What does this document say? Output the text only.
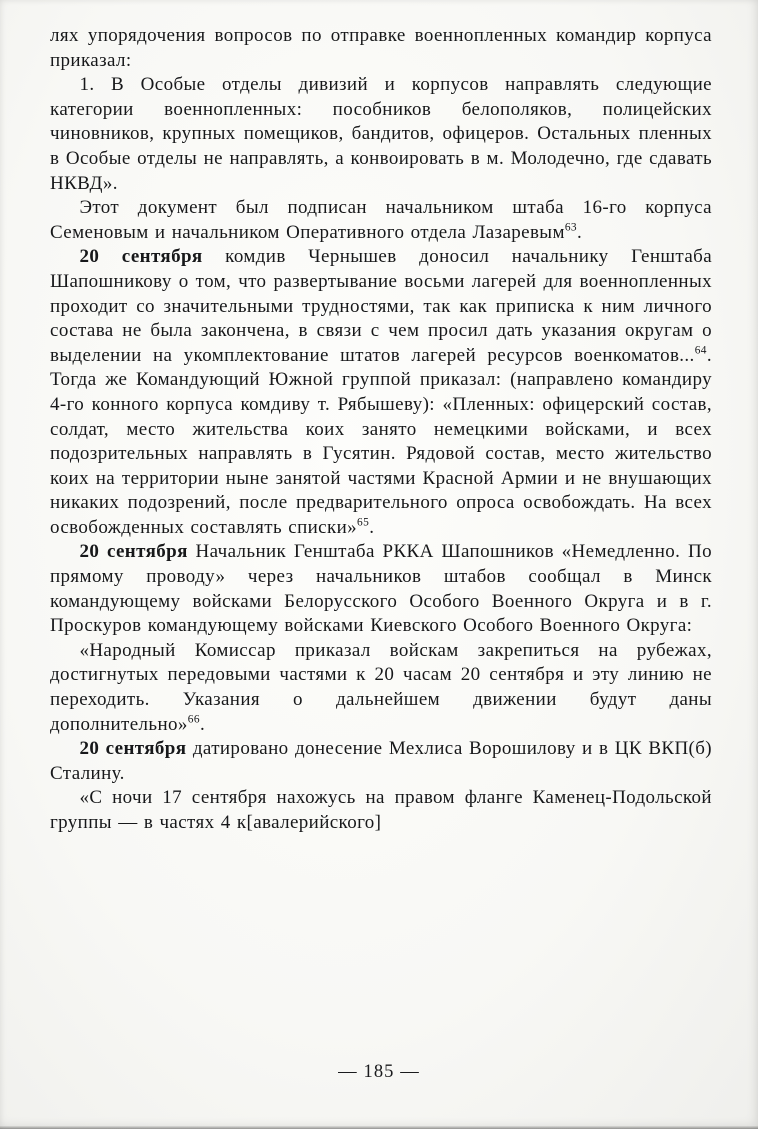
лях упорядочения вопросов по отправке военнопленных командир корпуса приказал:

1. В Особые отделы дивизий и корпусов направлять следующие категории военнопленных: пособников белополяков, полицейских чиновников, крупных помещиков, бандитов, офицеров. Остальных пленных в Особые отделы не направлять, а конвоировать в м. Молодечно, где сдавать НКВД».

Этот документ был подписан начальником штаба 16-го корпуса Семеновым и начальником Оперативного отдела Лазаревым$^{63}$.

20 сентября комдив Чернышев доносил начальнику Генштаба Шапошникову о том, что развертывание восьми лагерей для военнопленных проходит со значительными трудностями, так как приписка к ним личного состава не была закончена, в связи с чем просил дать указания округам о выделении на укомплектование штатов лагерей ресурсов военкоматов...$^{64}$. Тогда же Командующий Южной группой приказал: (направлено командиру 4-го конного корпуса комдиву т. Рябышеву): «Пленных: офицерский состав, солдат, место жительства коих занято немецкими войсками, и всех подозрительных направлять в Гусятин. Рядовой состав, место жительство коих на территории ныне занятой частями Красной Армии и не внушающих никаких подозрений, после предварительного опроса освобождать. На всех освобожденных составлять списки»$^{65}$.

20 сентября Начальник Генштаба РККА Шапошников «Немедленно. По прямому проводу» через начальников штабов сообщал в Минск командующему войсками Белорусского Особого Военного Округа и в г. Проскуров командующему войсками Киевского Особого Военного Округа:

«Народный Комиссар приказал войскам закрепиться на рубежах, достигнутых передовыми частями к 20 часам 20 сентября и эту линию не переходить. Указания о дальнейшем движении будут даны дополнительно»$^{66}$.

20 сентября датировано донесение Мехлиса Ворошилову и в ЦК ВКП(б) Сталину.

«С ночи 17 сентября нахожусь на правом фланге Каменец-Подольской группы — в частях 4 к[авалерийского]

— 185 —
